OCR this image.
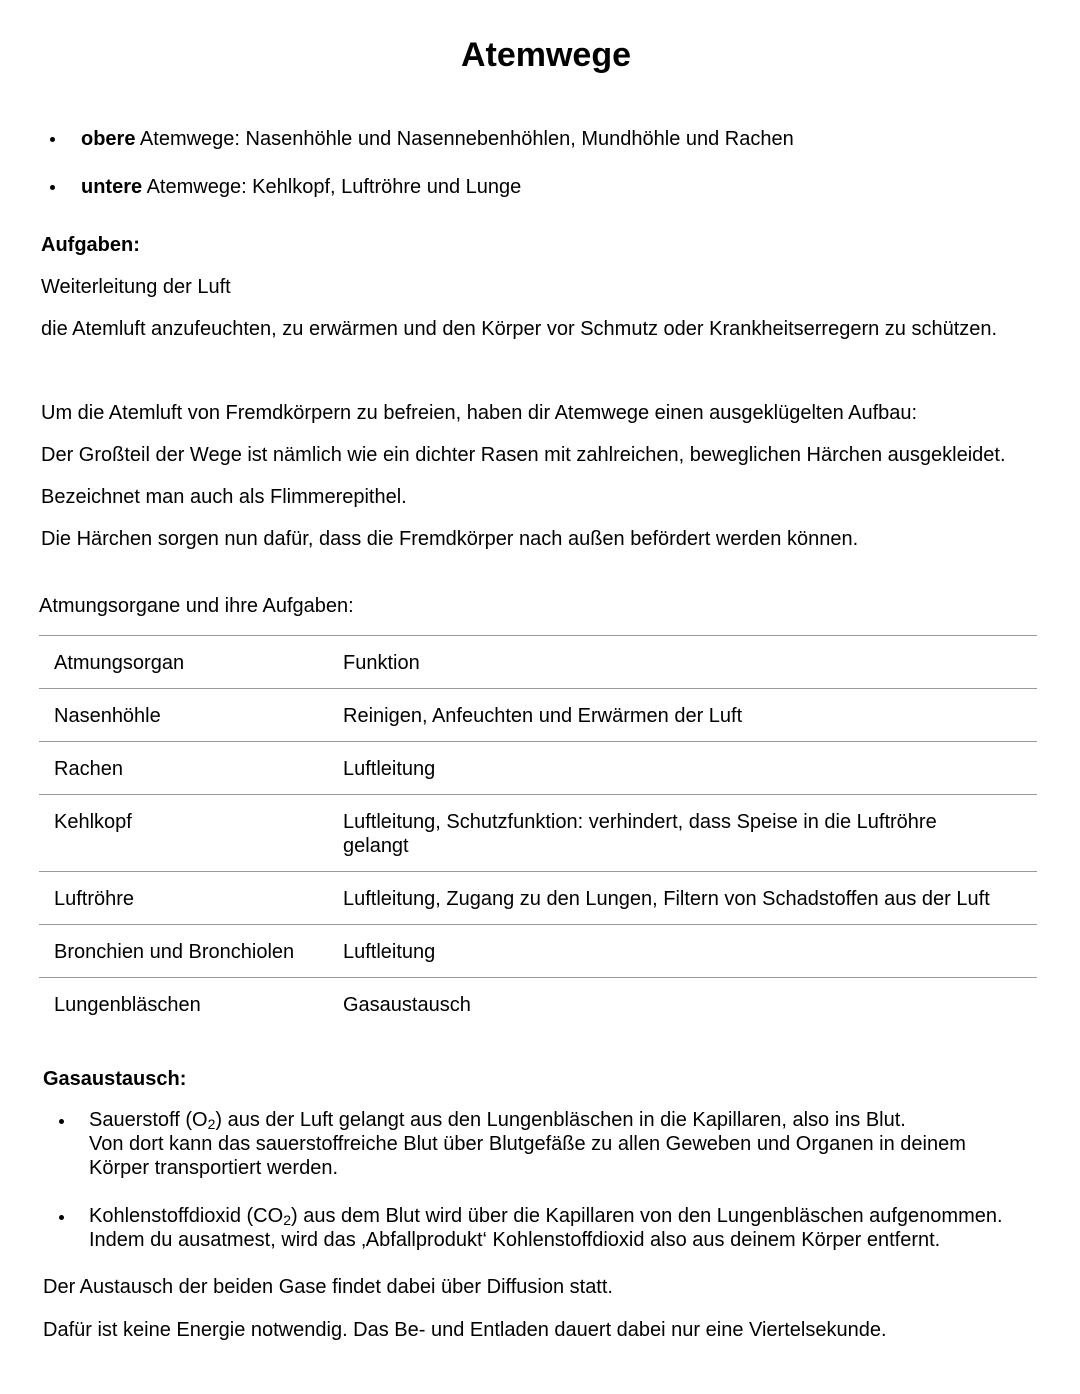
Atemwege
obere Atemwege: Nasenhöhle und Nasennebenhöhlen, Mundhöhle und Rachen
untere Atemwege: Kehlkopf, Luftröhre und Lunge
Aufgaben:
Weiterleitung der Luft
die Atemluft anzufeuchten, zu erwärmen und den Körper vor Schmutz oder Krankheitserregern zu schützen.
Um die Atemluft von Fremdkörpern zu befreien, haben dir Atemwege einen ausgeklügelten Aufbau:
Der Großteil der Wege ist nämlich wie ein dichter Rasen mit zahlreichen, beweglichen Härchen ausgekleidet.
Bezeichnet man auch als Flimmerepithel.
Die Härchen sorgen nun dafür, dass die Fremdkörper nach außen befördert werden können.
Atmungsorgane und ihre Aufgaben:
Atmungsorgan	Funktion
Nasenhöhle	Reinigen, Anfeuchten und Erwärmen der Luft
Rachen	Luftleitung
Kehlkopf	Luftleitung, Schutzfunktion: verhindert, dass Speise in die Luftröhre gelangt
Luftröhre	Luftleitung, Zugang zu den Lungen, Filtern von Schadstoffen aus der Luft
Bronchien und Bronchiolen	Luftleitung
Lungenbläschen	Gasaustausch
Gasaustausch:
Sauerstoff $(O_2)$ aus der Luft gelangt aus den Lungenbläschen in die Kapillaren, also ins Blut.
Von dort kann das sauerstoffreiche Blut über Blutgefäße zu allen Geweben und Organen in deinem
Körper transportiert werden.
Kohlenstoffdioxid $(CO_2)$ aus dem Blut wird über die Kapillaren von den Lungenbläschen aufgenommen.
Indem du ausatmest, wird das ‚Abfallprodukt‘ Kohlenstoffdioxid also aus deinem Körper entfernt.
Der Austausch der beiden Gase findet dabei über Diffusion statt.
Dafür ist keine Energie notwendig. Das Be- und Entladen dauert dabei nur eine Viertelsekunde.
